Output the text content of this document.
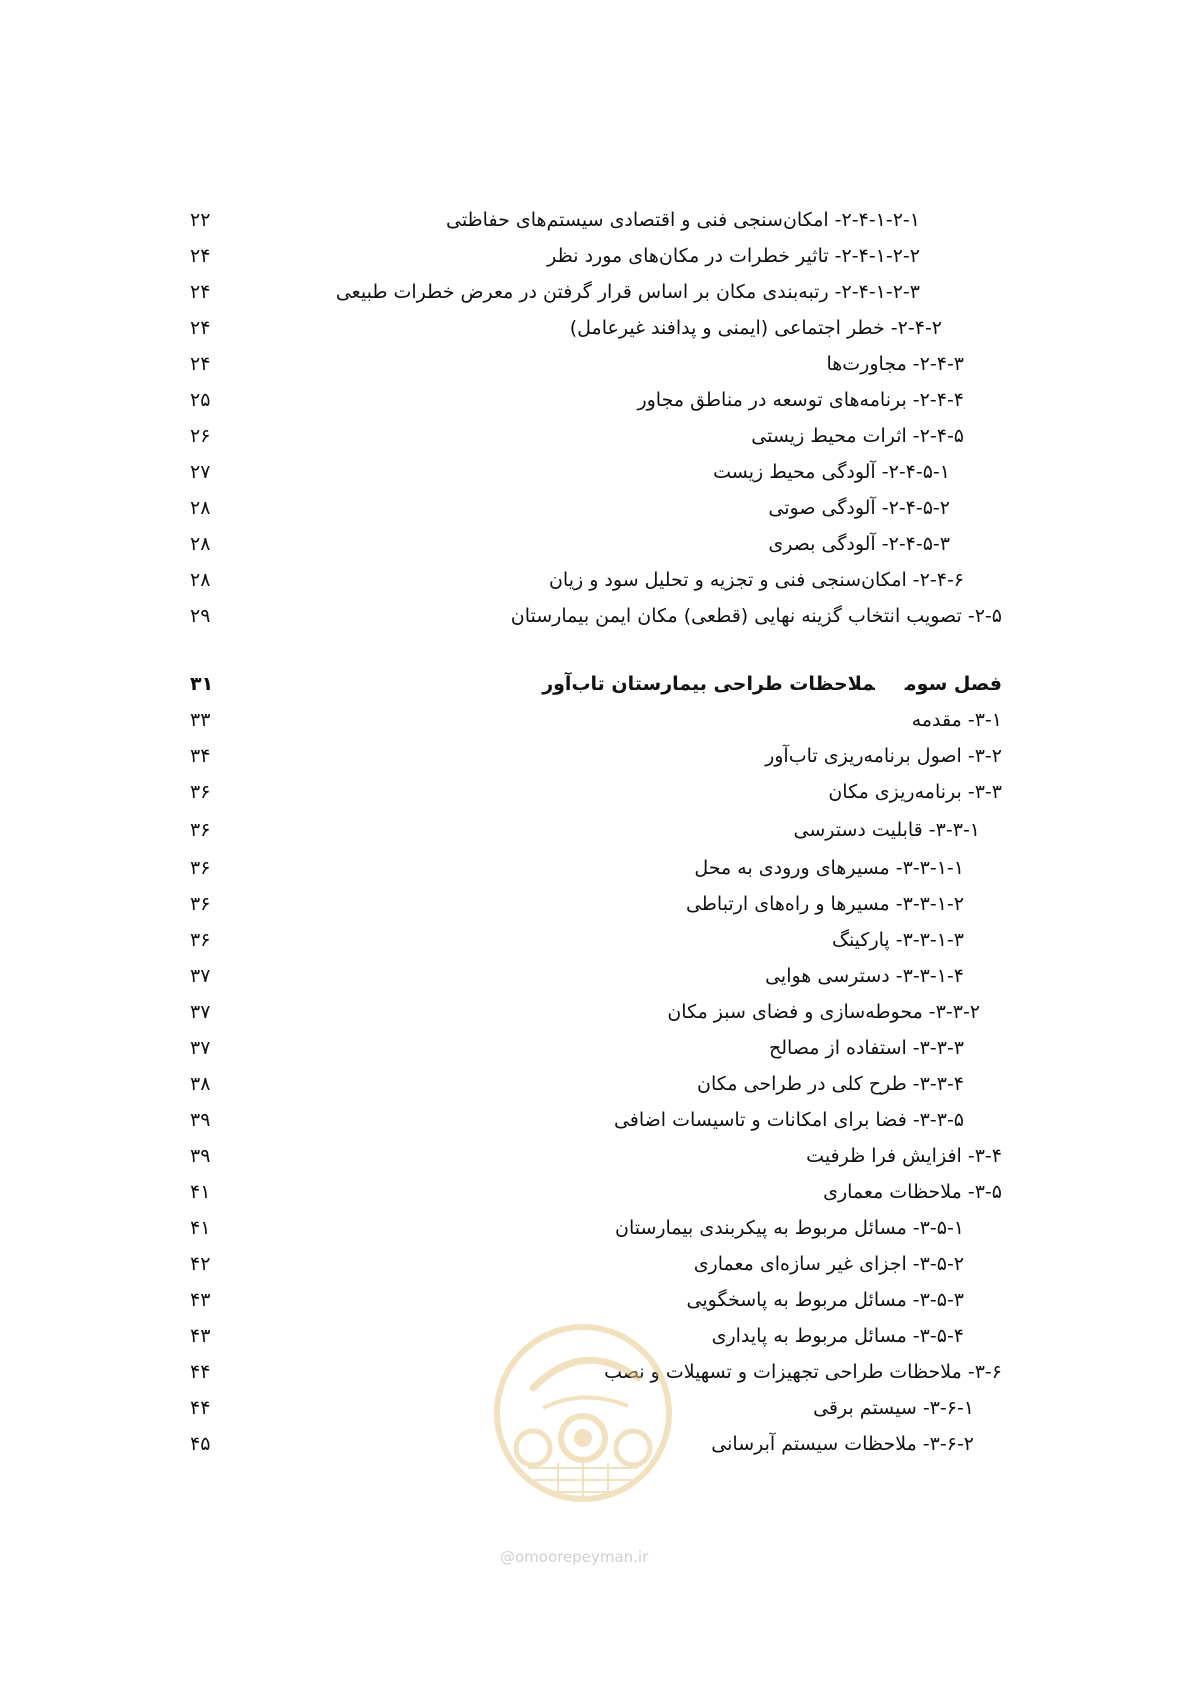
۲-۴-۱-۲-۱- امکان‌سنجی فنی و اقتصادی سیستم‌های حفاظتی
۲۲
۲-۴-۱-۲-۲- تاثیر خطرات در مکان‌های مورد نظر
۲۴
۲-۴-۱-۲-۳- رتبه‌بندی مکان بر اساس قرار گرفتن در معرض خطرات طبیعی
۲۴
۲-۴-۲- خطر اجتماعی (ایمنی و پدافند غیرعامل)
۲۴
۲-۴-۳- مجاورت‌ها
۲۴
۲-۴-۴- برنامه‌های توسعه در مناطق مجاور
۲۵
۲-۴-۵- اثرات محیط زیستی
۲۶
۲-۴-۵-۱- آلودگی محیط زیست
۲۷
۲-۴-۵-۲- آلودگی صوتی
۲۸
۲-۴-۵-۳- آلودگی بصری
۲۸
۲-۴-۶- امکان‌سنجی فنی و تجزیه و تحلیل سود و زیان
۲۸
۲-۵- تصویب انتخاب گزینه نهایی (قطعی) مکان ایمن بیمارستان
۲۹
فصل سومملاحظات طراحی بیمارستان تاب‌آور
۳۱
۳-۱- مقدمه
۳۳
۳-۲- اصول برنامه‌ریزی تاب‌آور
۳۴
۳-۳- برنامه‌ریزی مکان
۳۶
۳-۳-۱- قابلیت دسترسی
۳۶
۳-۳-۱-۱- مسیرهای ورودی به محل
۳۶
۳-۳-۱-۲- مسیرها و راه‌های ارتباطی
۳۶
۳-۳-۱-۳- پارکینگ
۳۶
۳-۳-۱-۴- دسترسی هوایی
۳۷
۳-۳-۲- محوطه‌سازی و فضای سبز مکان
۳۷
۳-۳-۳- استفاده از مصالح
۳۷
۳-۳-۴- طرح کلی در طراحی مکان
۳۸
۳-۳-۵- فضا برای امکانات و تاسیسات اضافی
۳۹
۳-۴- افزایش فرا ظرفیت
۳۹
۳-۵- ملاحظات معماری
۴۱
۳-۵-۱- مسائل مربوط به پیکربندی بیمارستان
۴۱
۳-۵-۲- اجزای غیر سازه‌ای معماری
۴۲
۳-۵-۳- مسائل مربوط به پاسخگویی
۴۳
۳-۵-۴- مسائل مربوط به پایداری
۴۳
۳-۶- ملاحظات طراحی تجهیزات و تسهیلات و نصب
۴۴
۳-۶-۱- سیستم برقی
۴۴
۳-۶-۲- ملاحظات سیستم آبرسانی
۴۵
@omoorepeyman.ir
